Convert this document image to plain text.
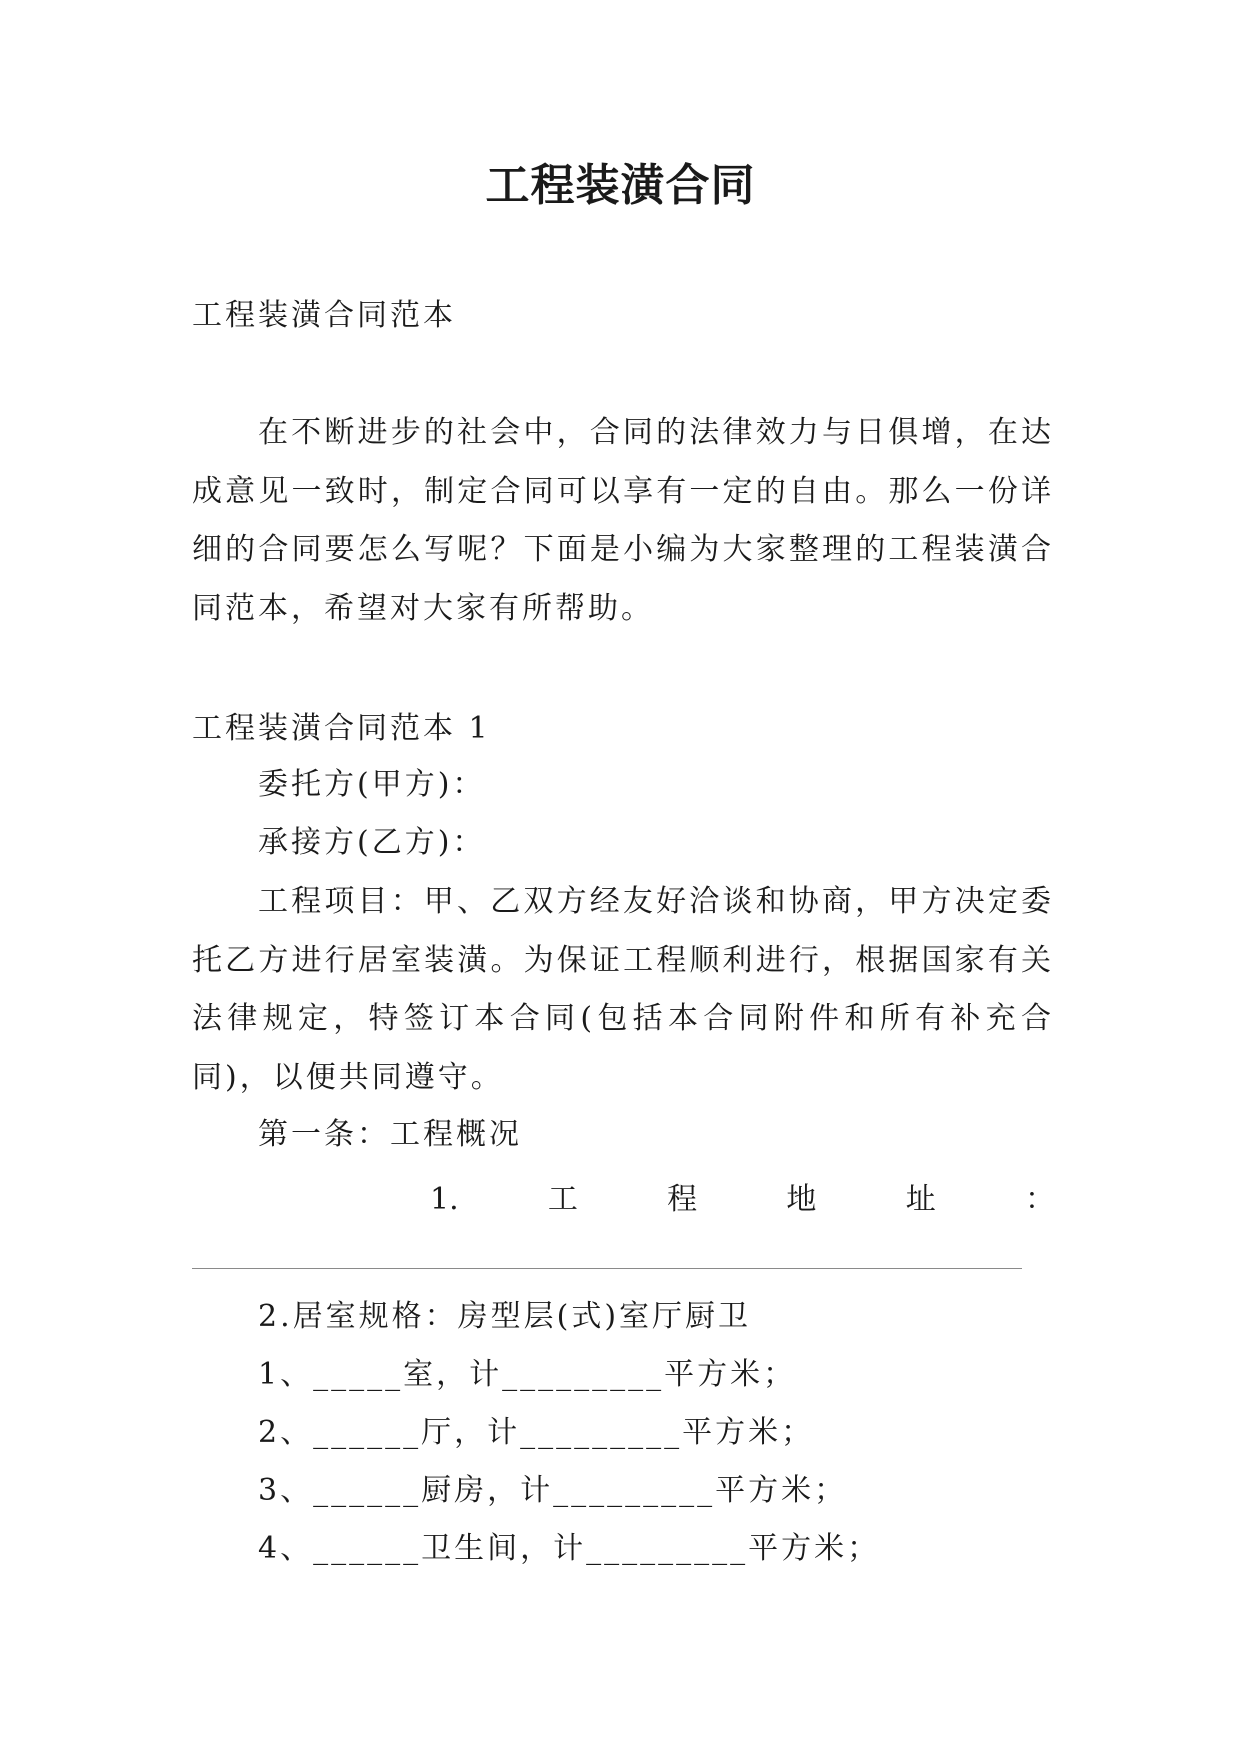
工程装潢合同
工程装潢合同范本
在不断进步的社会中，合同的法律效力与日俱增，在达成意见一致时，制定合同可以享有一定的自由。那么一份详细的合同要怎么写呢？下面是小编为大家整理的工程装潢合同范本，希望对大家有所帮助。
工程装潢合同范本 1
委托方(甲方)：
承接方(乙方)：
工程项目：甲、乙双方经友好洽谈和协商，甲方决定委托乙方进行居室装潢。为保证工程顺利进行，根据国家有关法律规定，特签订本合同(包括本合同附件和所有补充合同)，以便共同遵守。
第一条：工程概况
1.	工	程	地	址	：
2.居室规格：房型层(式)室厅厨卫
1、_____室，计_________平方米；
2、______厅，计_________平方米；
3、______厨房，计_________平方米；
4、______卫生间，计_________平方米；
